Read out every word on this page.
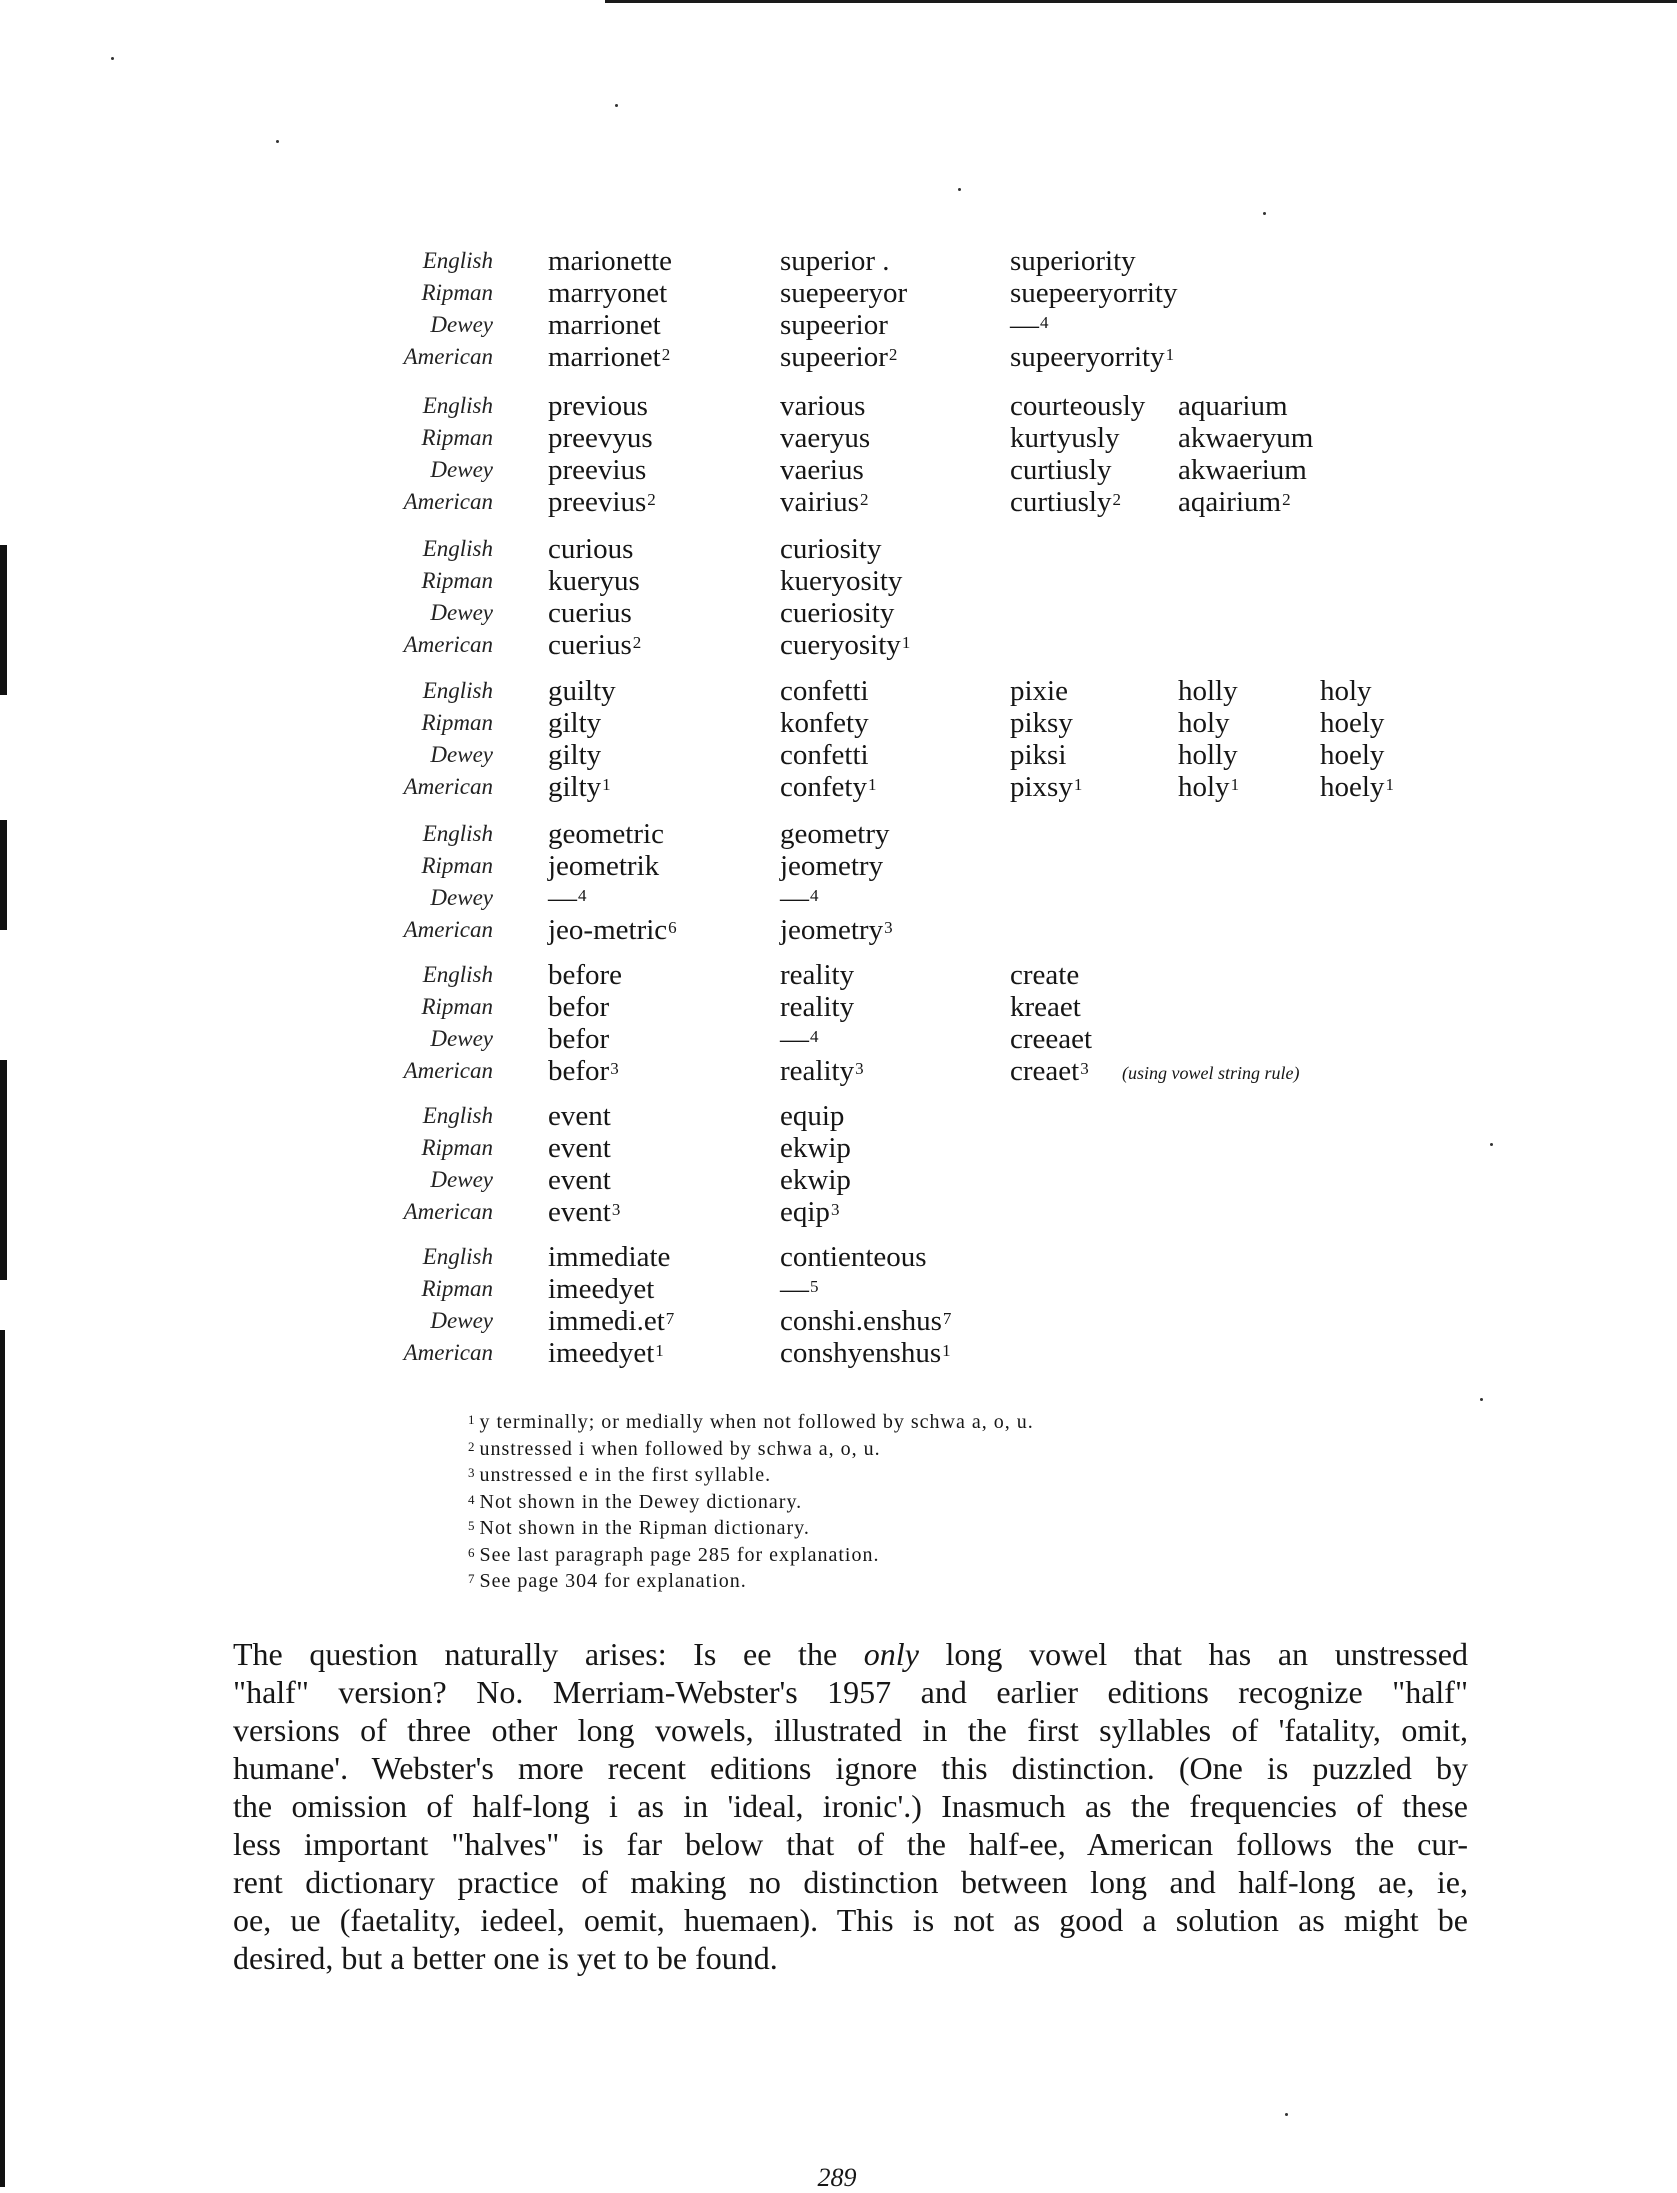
English marionette	superior .	superiority
Ripman marryonet	suepeeryor	suepeeryorrity
Dewey marrionet	supeerior	—$^4$
American marrionet$^2$	supeerior$^2$	supeeryorrity$^1$
English previous	various	courteously aquarium
Ripman preevyus	vaeryus	kurtyusly akwaeryum
Dewey preevius	vaerius	curtiusly akwaerium
American preevius$^2$	vairius$^2$	curtiusly$^2$ aqairium$^2$
English curious	curiosity
Ripman kueryus	kueryosity
Dewey cuerius	cueriosity
American cuerius$^2$	cueryosity$^1$
English guilty	confetti	pixie	holly	holy
Ripman gilty	konfety	piksy	holy	hoely
Dewey gilty	confetti	piksi	holly	hoely
American gilty$^1$	confety$^1$	pixsy$^1$	holy$^1$	hoely$^1$
English geometric	geometry
Ripman jeometrik	jeometry
Dewey —$^4$	—$^4$
American jeo-metric$^6$	jeometry$^3$
English before	reality	create
Ripman befor	reality	kreaet
Dewey befor	—$^4$	creeaet
American befor$^3$	reality$^3$	creaet$^3$ (using vowel string rule)
English event	equip
Ripman event	ekwip
Dewey event	ekwip
American event$^3$	eqip$^3$
English immediate	contienteous
Ripman imeedyet	—$^5$
Dewey $immedi.et^7$	conshi.enshus$^7$
American imeedyet$^1$	conshyenshus$^1$
$^1$ y terminally; or medially when not followed by schwa a, o, u.
$^2$ unstressed i when followed by schwa a, o, u.
$^3$ unstressed e in the first syllable.
$^4$ Not shown in the Dewey dictionary.
$^5$ Not shown in the Ripman dictionary.
$^6$ See last paragraph page 285 for explanation.
$^7$ See page 304 for explanation.
The question naturally arises: Is ee the only long vowel that has an unstressed
"half" version? No. Merriam-Webster's 1957 and earlier editions recognize "half"
versions of three other long vowels, illustrated in the first syllables of 'fatality, omit,
humane'. Webster's more recent editions ignore this distinction. (One is puzzled by
the omission of half-long i as in 'ideal, ironic'.) Inasmuch as the frequencies of these
less important "halves" is far below that of the half-ee, American follows the cur-
rent dictionary practice of making no distinction between long and half-long ae, ie,
oe, ue (faetality, iedeel, oemit, huemaen). This is not as good a solution as might be
desired, but a better one is yet to be found.
289
